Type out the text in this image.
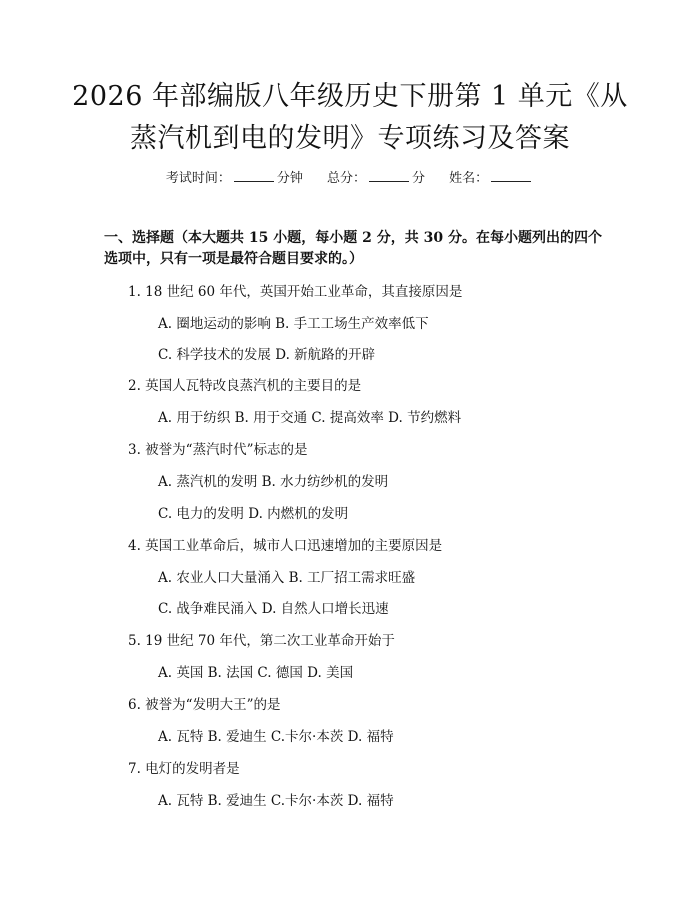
2026 年部编版八年级历史下册第 1 单元《从
蒸汽机到电的发明》专项练习及答案
考试时间：	分钟 总分：	分 姓名：
一、选择题（本大题共 15 小题，每小题 2 分，共 30 分。在每小题列出的四个选项中，只有一项是最符合题目要求的。）
1. 18 世纪 60 年代，英国开始工业革命，其直接原因是
A. 圈地运动的影响 B. 手工工场生产效率低下
C. 科学技术的发展 D. 新航路的开辟
2. 英国人瓦特改良蒸汽机的主要目的是
A. 用于纺织 B. 用于交通 C. 提高效率 D. 节约燃料
3. 被誉为“蒸汽时代”标志的是
A. 蒸汽机的发明 B. 水力纺纱机的发明
C. 电力的发明 D. 内燃机的发明
4. 英国工业革命后，城市人口迅速增加的主要原因是
A. 农业人口大量涌入 B. 工厂招工需求旺盛
C. 战争难民涌入 D. 自然人口增长迅速
5. 19 世纪 70 年代，第二次工业革命开始于
A. 英国 B. 法国 C. 德国 D. 美国
6. 被誉为“发明大王”的是
A. 瓦特 B. 爱迪生 C.卡尔·本茨 D. 福特
7. 电灯的发明者是
A. 瓦特 B. 爱迪生 C.卡尔·本茨 D. 福特
